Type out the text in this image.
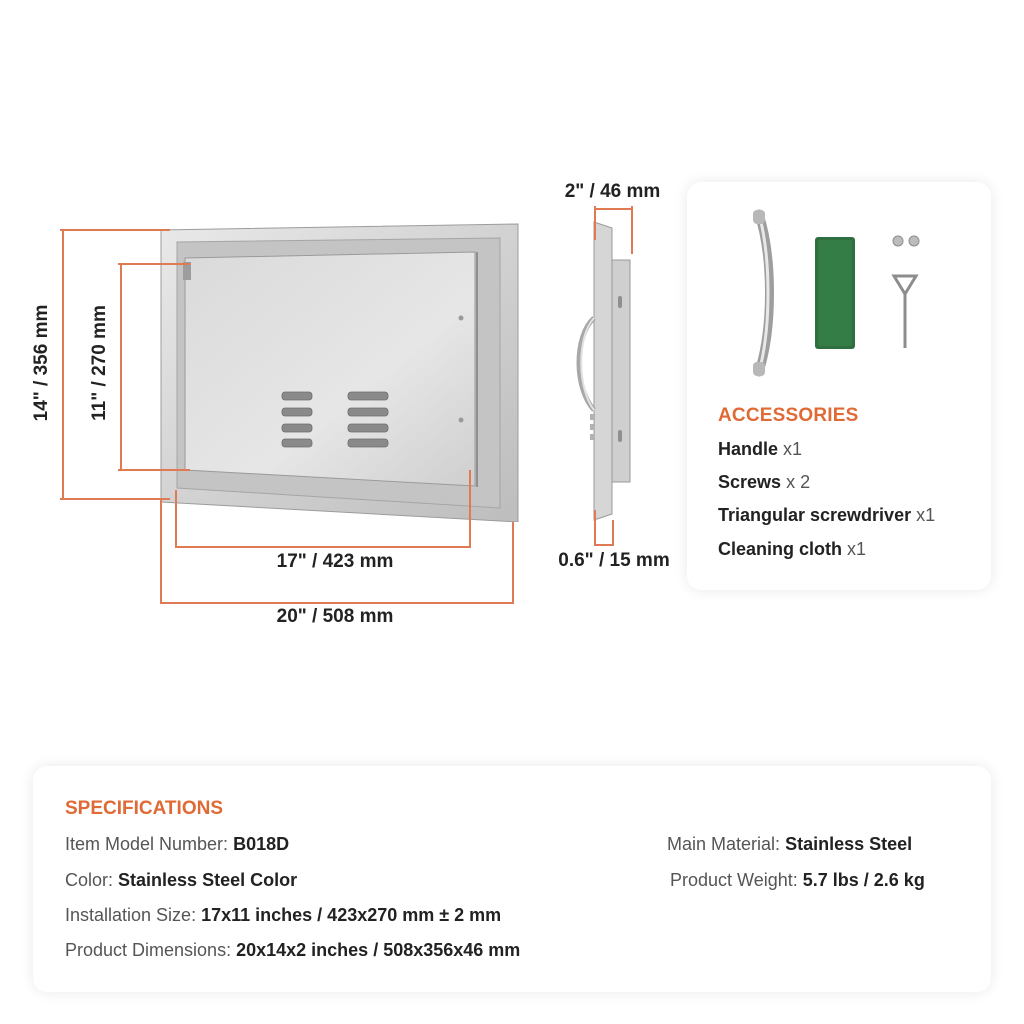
14" / 356 mm 11" / 270 mm
17" / 423 mm
20" / 508 mm
2" / 46 mm
0.6" / 15 mm
ACCESSORIES
Handle x1
Screws x 2
Triangular screwdriver x1
Cleaning cloth x1
SPECIFICATIONS
Item Model Number: B018D
Color: Stainless Steel Color
Installation Size: 17x11 inches / 423x270 mm ± 2 mm
Product Dimensions: 20x14x2 inches / 508x356x46 mm
Main Material: Stainless Steel
Product Weight: 5.7 lbs / 2.6 kg
